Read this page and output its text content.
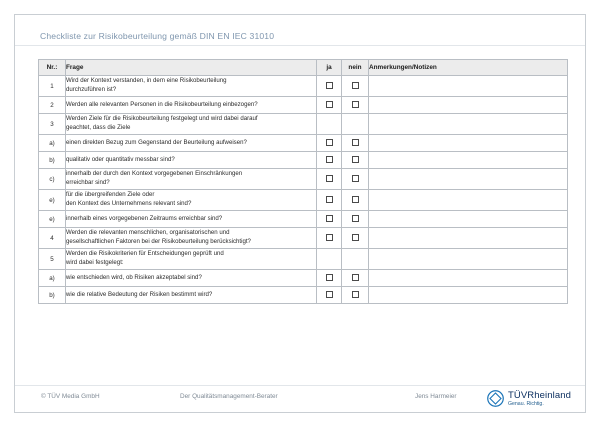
Checkliste zur Risikobeurteilung gemäß DIN EN IEC 31010
Nr.:	Frage	ja	nein	Anmerkungen/Notizen
1	Wird der Kontext verstanden, in dem eine Risikobeurteilung
durchzuführen ist?			

2	Werden alle relevanten Personen in die Risikobeurteilung einbezogen?			

3	Werden Ziele für die Risikobeurteilung festgelegt und wird dabei darauf
geachtet, dass die Ziele			

a)	einen direkten Bezug zum Gegenstand der Beurteilung aufweisen?			

b)	qualitativ oder quantitativ messbar sind?			

c)	innerhalb der durch den Kontext vorgegebenen Einschränkungen
erreichbar sind?			

e)	für die übergreifenden Ziele oder
den Kontext des Unternehmens relevant sind?			

e)	innerhalb eines vorgegebenen Zeitraums erreichbar sind?			

4	Werden die relevanten menschlichen, organisatorischen und
gesellschaftlichen Faktoren bei der Risikobeurteilung berücksichtigt?			

5	Werden die Risikokriterien für Entscheidungen geprüft und
wird dabei festgelegt:			

a)	wie entschieden wird, ob Risiken akzeptabel sind?			

b)	wie die relative Bedeutung der Risiken bestimmt wird?			

© TÜV Media GmbH	Der Qualitätsmanagement-Berater	Jens Harmeier	TÜVRheinland
Genau. Richtig.
